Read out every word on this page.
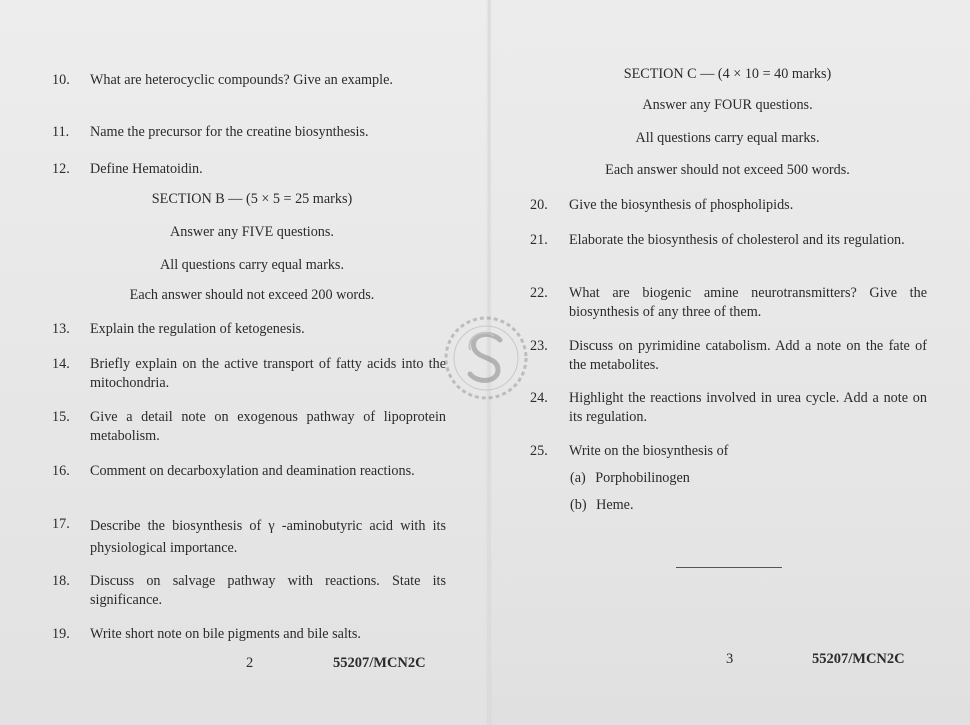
10.	What are heterocyclic compounds? Give an example.
11.	Name the precursor for the creatine biosynthesis.
12.	Define Hematoidin.
SECTION B — (5 × 5 = 25 marks)
Answer any FIVE questions.
All questions carry equal marks.
Each answer should not exceed 200 words.
13.	Explain the regulation of ketogenesis.
14.	Briefly explain on the active transport of fatty acids into the mitochondria.
15.	Give a detail note on exogenous pathway of lipoprotein metabolism.
16.	Comment on decarboxylation and deamination reactions.
17.	Describe the biosynthesis of γ -aminobutyric acid with its physiological importance.
18.	Discuss on salvage pathway with reactions. State its significance.
19.	Write short note on bile pigments and bile salts.
2	55207/MCN2C
SECTION C — (4 × 10 = 40 marks)
Answer any FOUR questions.
All questions carry equal marks.
Each answer should not exceed 500 words.
20.	Give the biosynthesis of phospholipids.
21.	Elaborate the biosynthesis of cholesterol and its regulation.
22.	What are biogenic amine neurotransmitters? Give the biosynthesis of any three of them.
23.	Discuss on pyrimidine catabolism. Add a note on the fate of the metabolites.
24.	Highlight the reactions involved in urea cycle. Add a note on its regulation.
25.	Write on the biosynthesis of
(a) Porphobilinogen
(b) Heme.
3	55207/MCN2C
